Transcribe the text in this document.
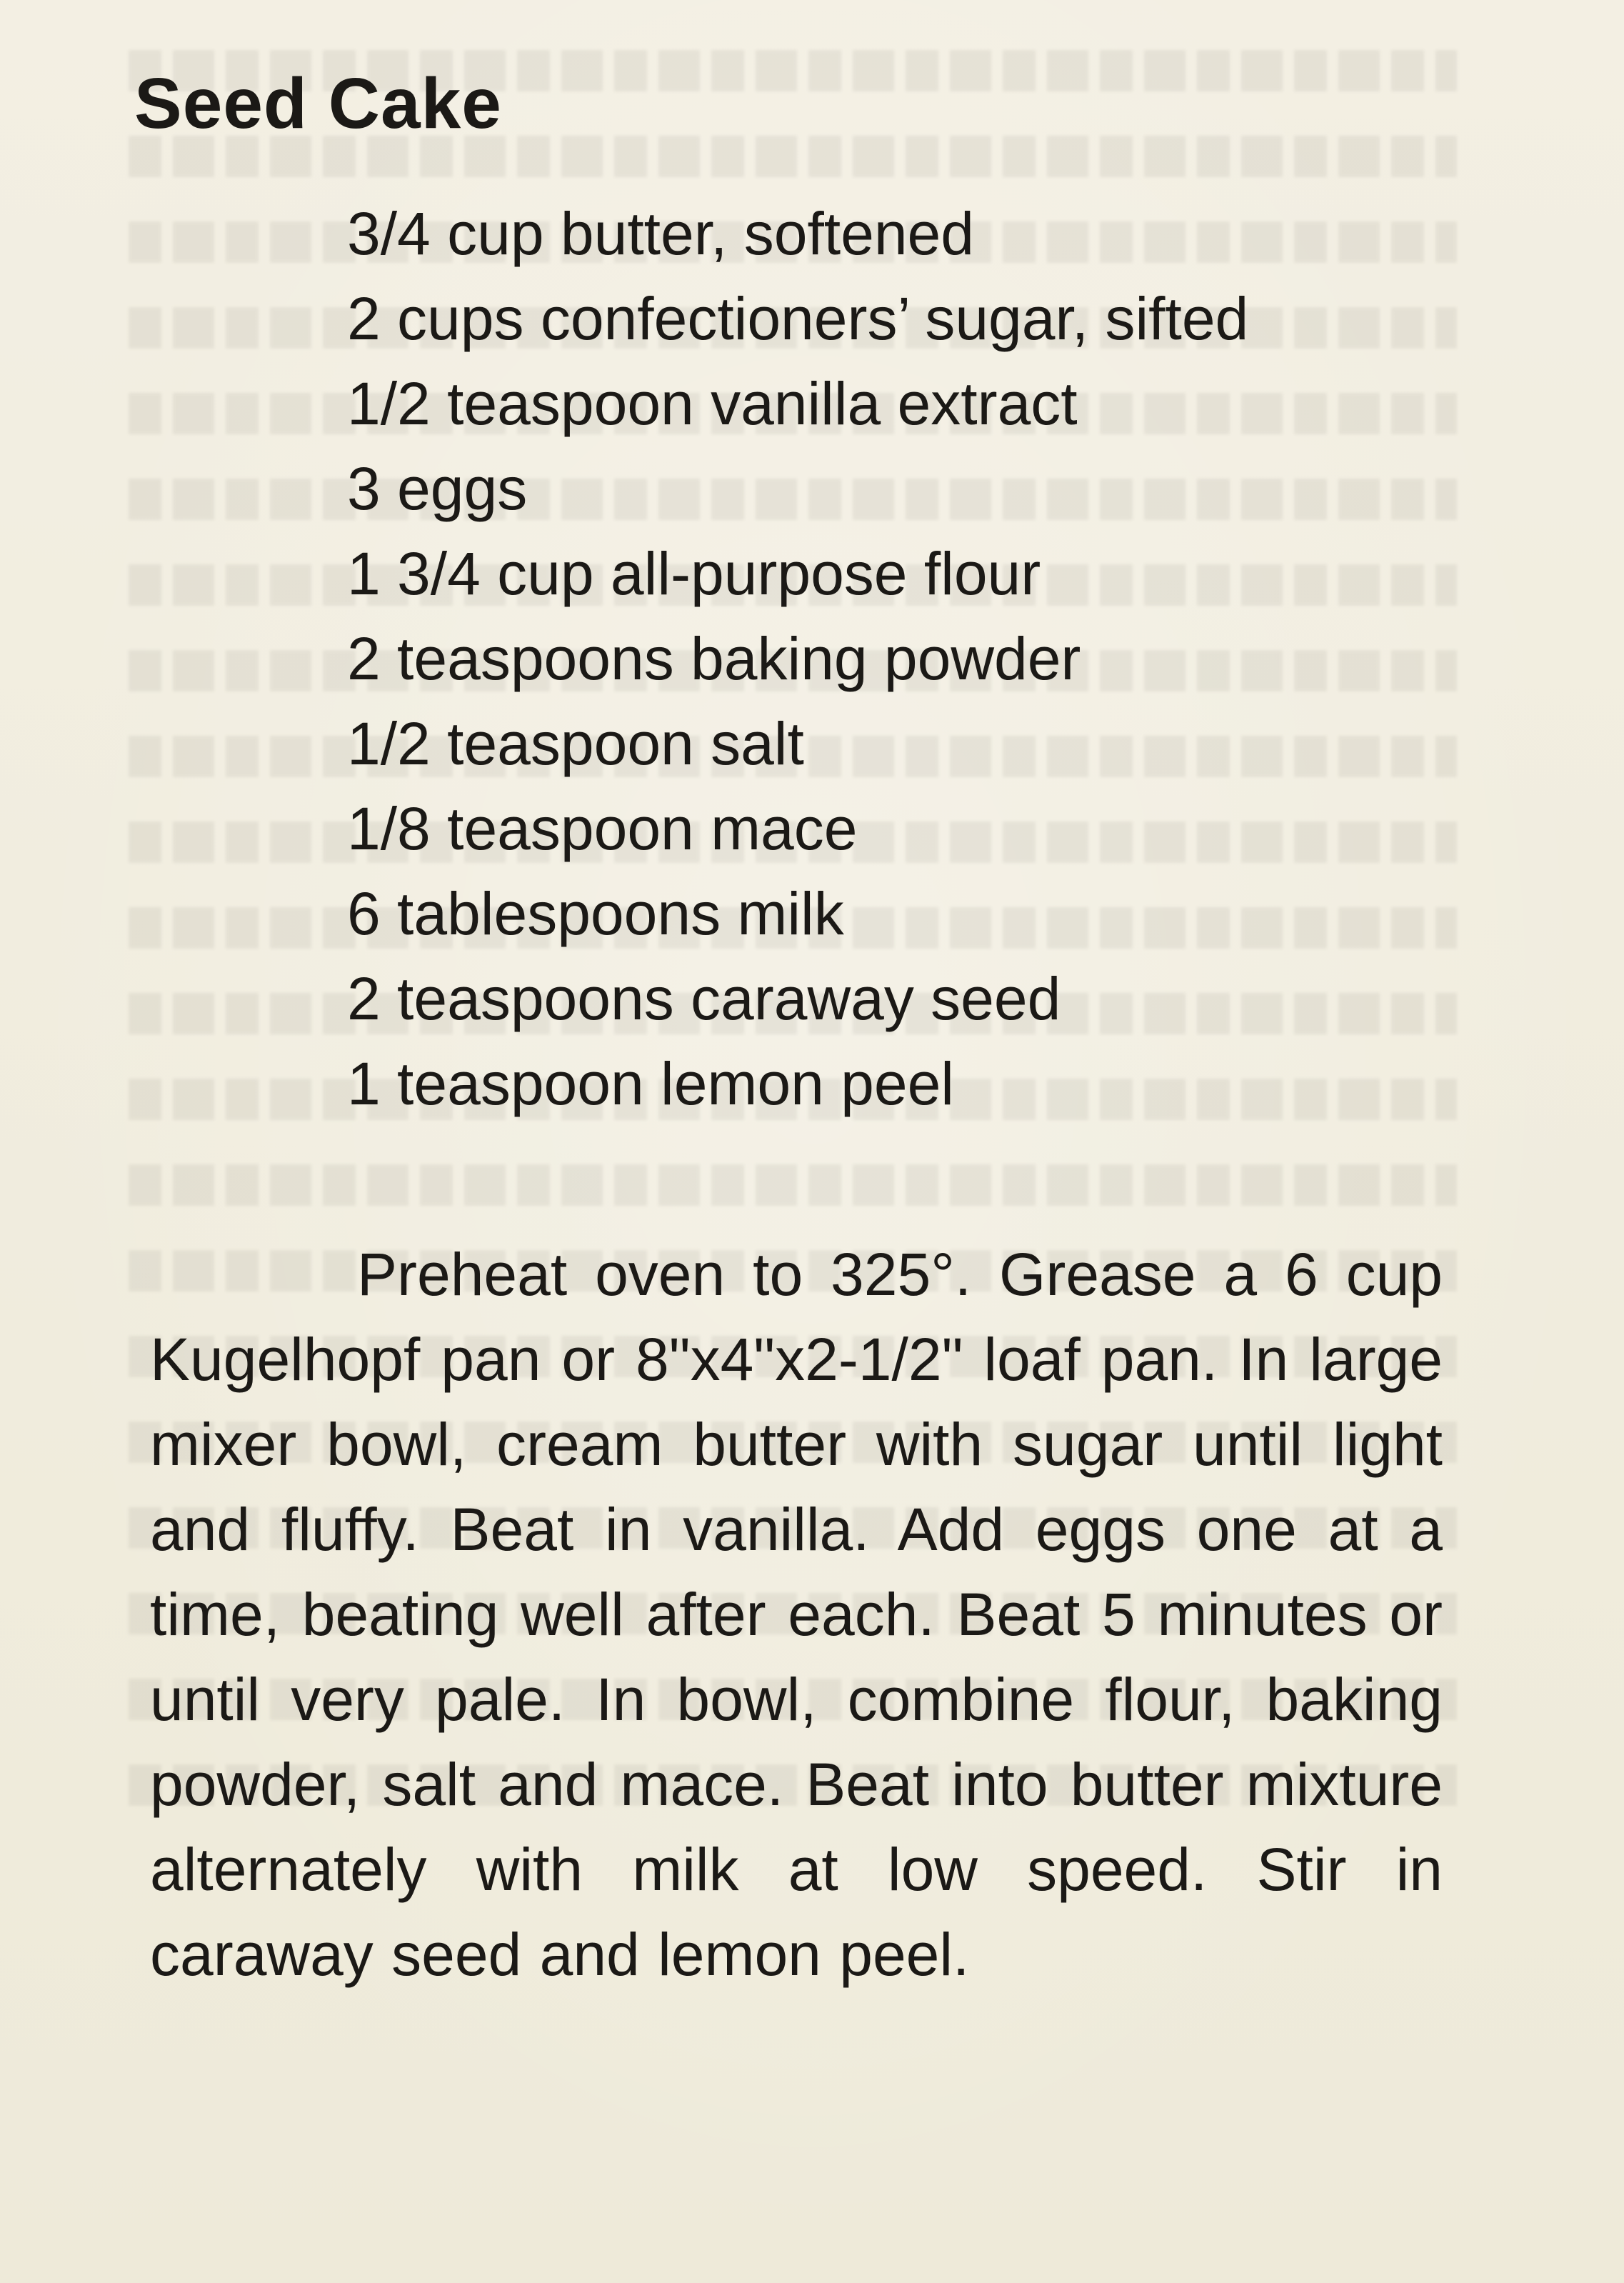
Seed Cake
3/4 cup butter, softened
2 cups confectioners’ sugar, sifted
1/2 teaspoon vanilla extract
3 eggs
1 3/4 cup all-purpose flour
2 teaspoons baking powder
1/2 teaspoon salt
1/8 teaspoon mace
6 tablespoons milk
2 teaspoons caraway seed
1 teaspoon lemon peel

Preheat oven to 325°. Grease a 6 cup Kugelhopf pan or 8"x4"x2-1/2" loaf pan. In large mixer bowl, cream butter with sugar until light and fluffy. Beat in vanilla. Add eggs one at a time, beating well after each. Beat 5 minutes or until very pale. In bowl, combine flour, baking powder, salt and mace. Beat into butter mixture alternately with milk at low speed. Stir in caraway seed and lemon peel.
